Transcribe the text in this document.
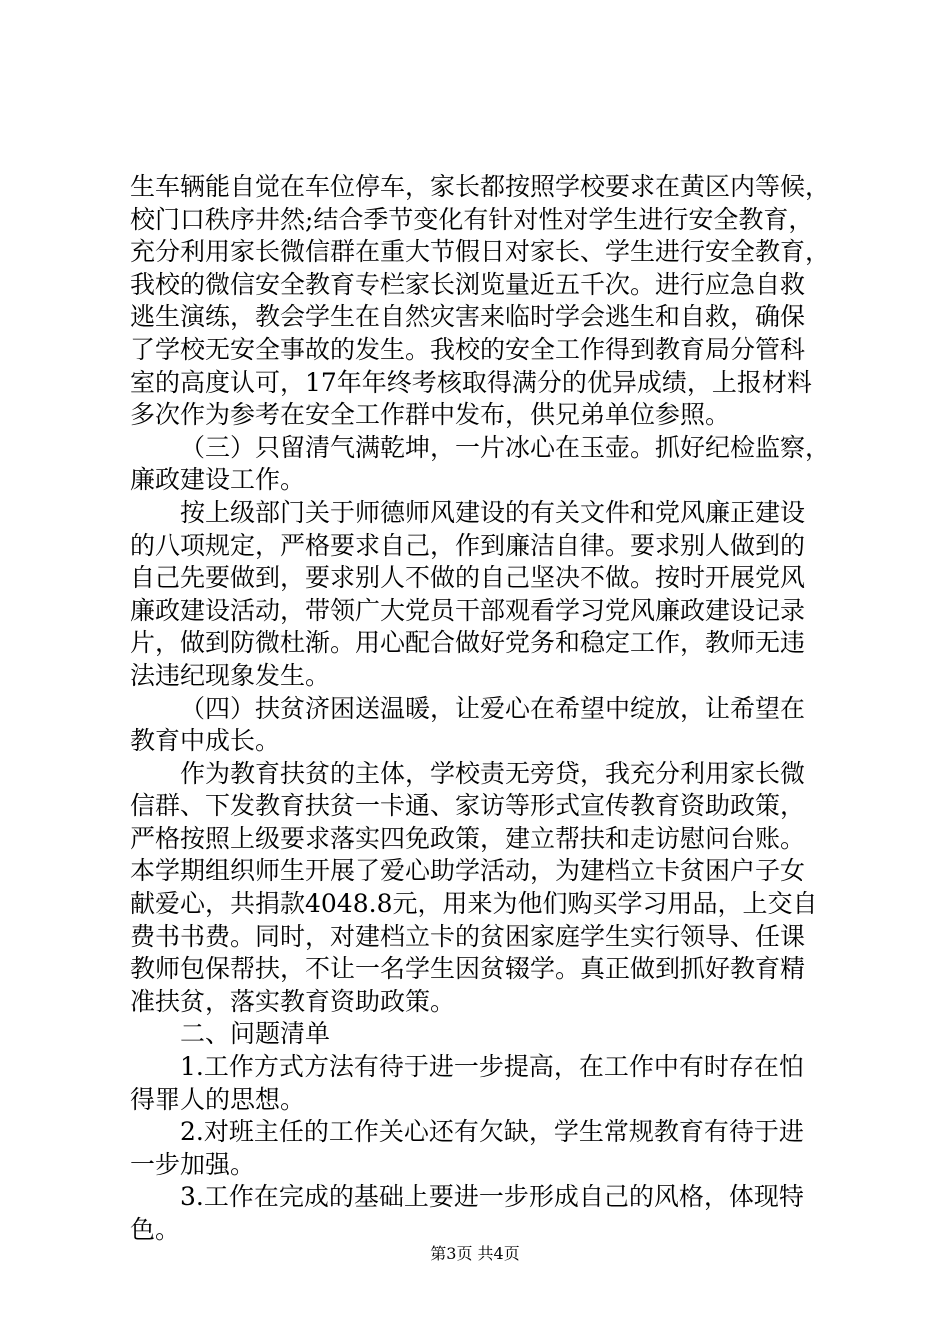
生车辆能自觉在车位停车，家长都按照学校要求在黄区内等候，
校门口秩序井然;结合季节变化有针对性对学生进行安全教育，
充分利用家长微信群在重大节假日对家长、学生进行安全教育，
我校的微信安全教育专栏家长浏览量近五千次。进行应急自救
逃生演练，教会学生在自然灾害来临时学会逃生和自救，确保
了学校无安全事故的发生。我校的安全工作得到教育局分管科
室的高度认可，17年年终考核取得满分的优异成绩，上报材料
多次作为参考在安全工作群中发布，供兄弟单位参照。
（三）只留清气满乾坤，一片冰心在玉壶。抓好纪检监察，
廉政建设工作。
按上级部门关于师德师风建设的有关文件和党风廉正建设
的八项规定，严格要求自己，作到廉洁自律。要求别人做到的
自己先要做到，要求别人不做的自己坚决不做。按时开展党风
廉政建设活动，带领广大党员干部观看学习党风廉政建设记录
片，做到防微杜渐。用心配合做好党务和稳定工作，教师无违
法违纪现象发生。
（四）扶贫济困送温暖，让爱心在希望中绽放，让希望在
教育中成长。
作为教育扶贫的主体，学校责无旁贷，我充分利用家长微
信群、下发教育扶贫一卡通、家访等形式宣传教育资助政策，
严格按照上级要求落实四免政策，建立帮扶和走访慰问台账。
本学期组织师生开展了爱心助学活动，为建档立卡贫困户子女
献爱心，共捐款4048.8元，用来为他们购买学习用品，上交自
费书书费。同时，对建档立卡的贫困家庭学生实行领导、任课
教师包保帮扶，不让一名学生因贫辍学。真正做到抓好教育精
准扶贫，落实教育资助政策。
二、问题清单
1.工作方式方法有待于进一步提高，在工作中有时存在怕
得罪人的思想。
2.对班主任的工作关心还有欠缺，学生常规教育有待于进
一步加强。
3.工作在完成的基础上要进一步形成自己的风格，体现特
色。
第3页 共4页
